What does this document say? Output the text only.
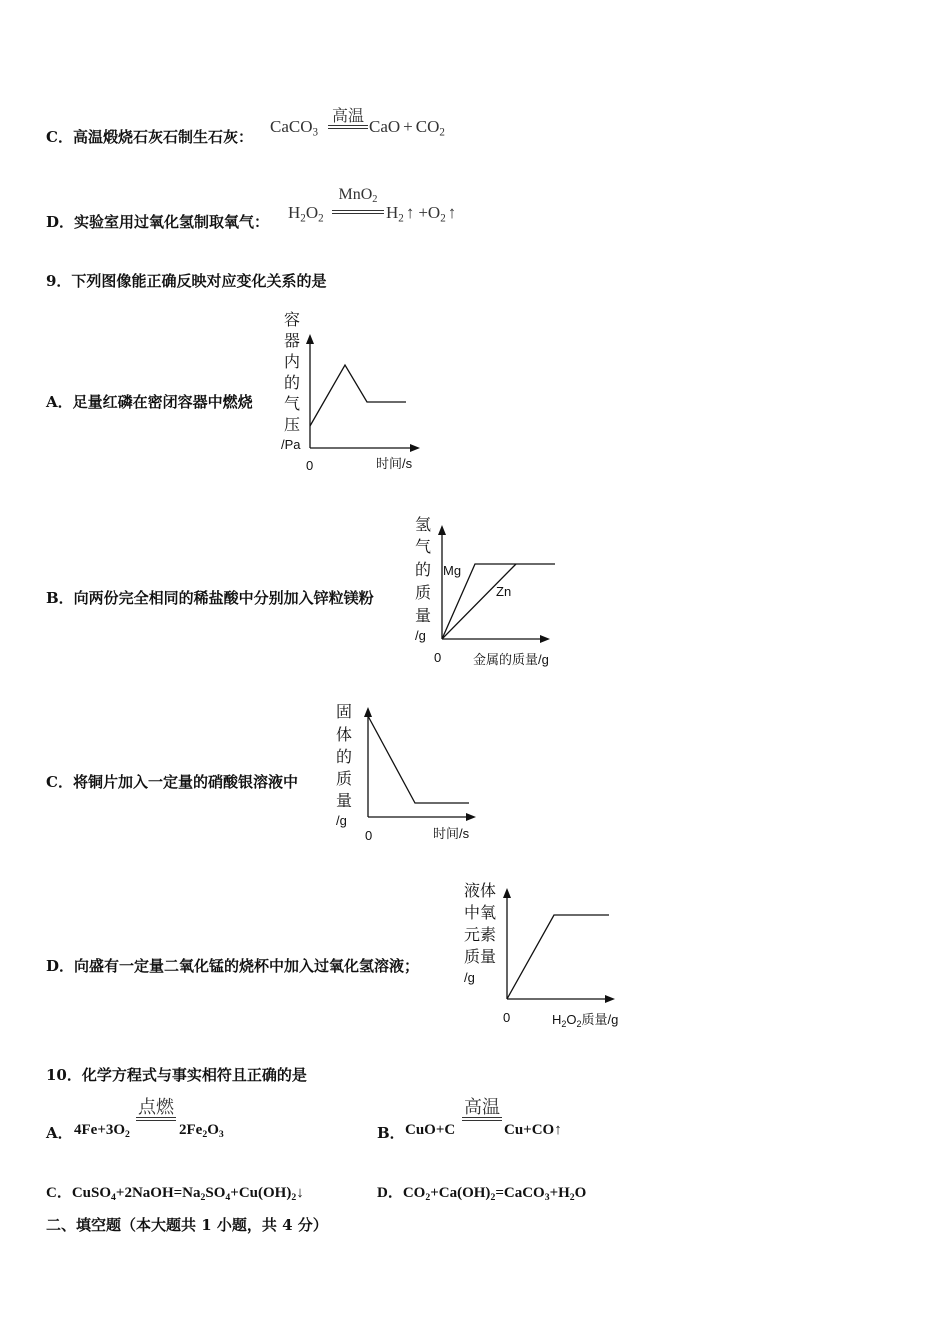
C．高温煅烧石灰石制生石灰：
CaCO$_3$
高温
CaO + $CO_2$
D．实验室用过氧化氢制取氧气： $H_2O_2$
MnO$_2$
$H_2$ ↑ $+O_2$ ↑
9．下列图像能正确反映对应变化关系的是
A．足量红磷在密闭容器中燃烧
容
器
内
的
气
压
/Pa
0	时间/s
B．向两份完全相同的稀盐酸中分别加入锌粒镁粉
氢
气
的
质
量
/g
Mg
Zn
0 金属的质量/g
C．将铜片加入一定量的硝酸银溶液中
固
体
的
质
量
/g
0	时间/s
D．向盛有一定量二氧化锰的烧杯中加入过氧化氢溶液；
液体
中氧
元素
质量
/g
0	$H_2O_2$质量/g
10．化学方程式与事实相符且正确的是
A． $4Fe+3O_2$
点燃
$2Fe_2O_3$	B． CuO+C
高温
Cu+CO↑
C．$CuSO_4+2NaOH=Na_2SO_4+Cu(OH)_2↓$	D．$CO_2+Ca(OH)_2=CaCO_3+H_2O$
二、填空题（本大题共 1 小题，共 4 分）
